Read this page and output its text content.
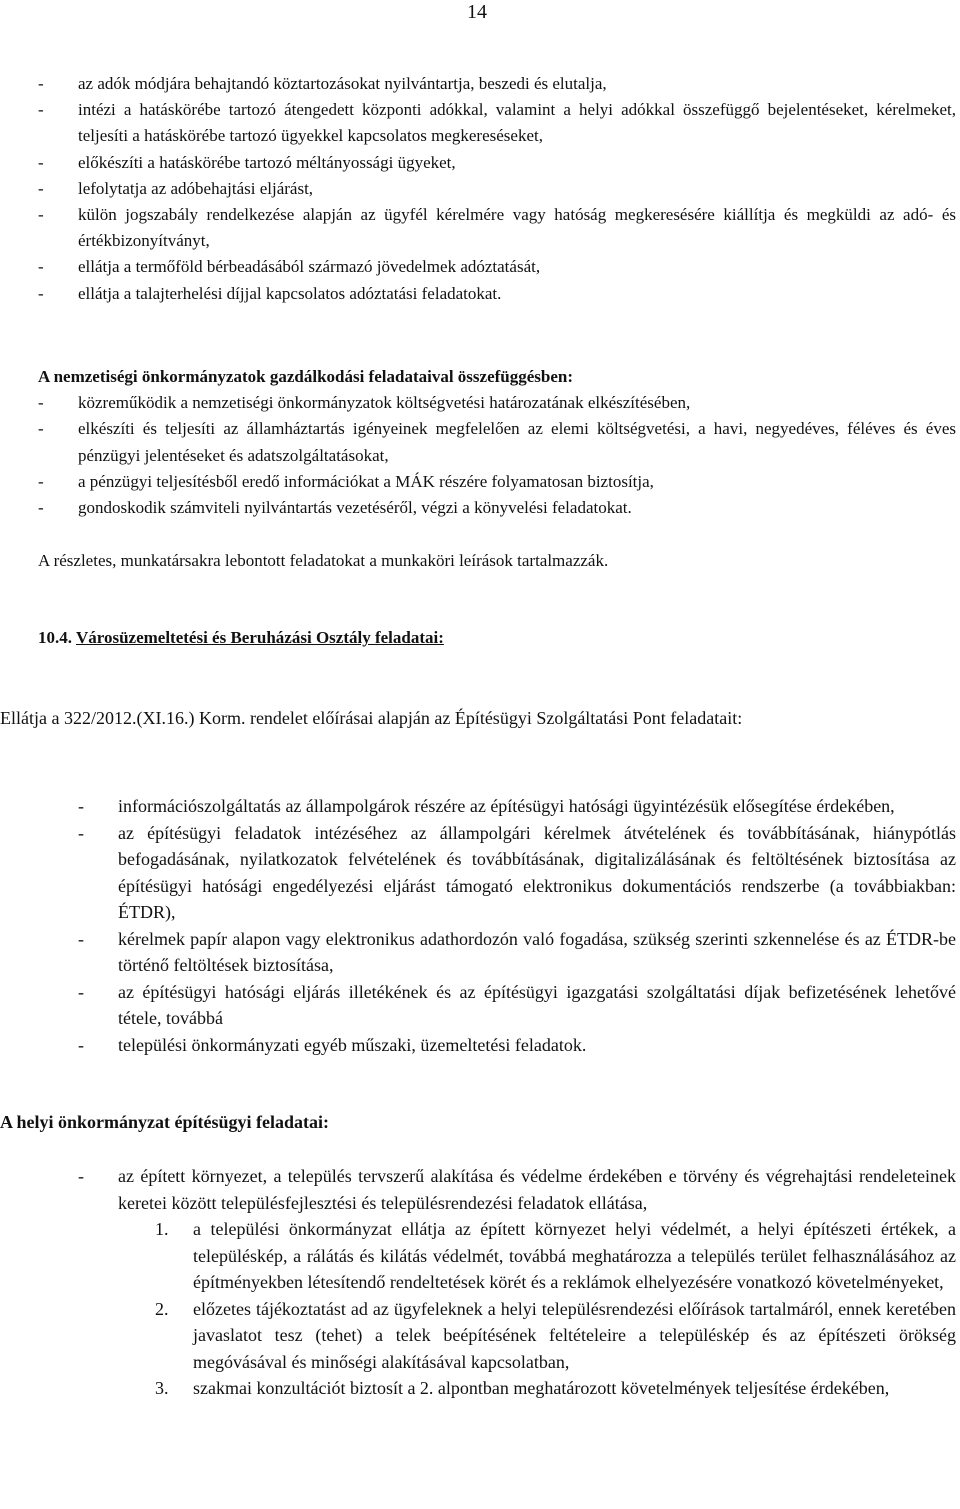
14
-	az adók módjára behajtandó köztartozásokat nyilvántartja, beszedi és elutalja,
-	intézi a hatáskörébe tartozó átengedett központi adókkal, valamint a helyi adókkal összefüggő bejelentéseket, kérelmeket, teljesíti a hatáskörébe tartozó ügyekkel kapcsolatos megkereséseket,
-	előkészíti a hatáskörébe tartozó méltányossági ügyeket,
-	lefolytatja az adóbehajtási eljárást,
-	külön jogszabály rendelkezése alapján az ügyfél kérelmére vagy hatóság megkeresésére kiállítja és megküldi az adó- és értékbizonyítványt,
-	ellátja a termőföld bérbeadásából származó jövedelmek adóztatását,
-	ellátja a talajterhelési díjjal kapcsolatos adóztatási feladatokat.
A nemzetiségi önkormányzatok gazdálkodási feladataival összefüggésben:
-	közreműködik a nemzetiségi önkormányzatok költségvetési határozatának elkészítésében,
-	elkészíti és teljesíti az államháztartás igényeinek megfelelően az elemi költségvetési, a havi, negyedéves, féléves és éves pénzügyi jelentéseket és adatszolgáltatásokat,
-	a pénzügyi teljesítésből eredő információkat a MÁK részére folyamatosan biztosítja,
-	gondoskodik számviteli nyilvántartás vezetéséről, végzi a könyvelési feladatokat.
A részletes, munkatársakra lebontott feladatokat a munkaköri leírások tartalmazzák.
10.4. Városüzemeltetési és Beruházási Osztály feladatai:
Ellátja a 322/2012.(XI.16.) Korm. rendelet előírásai alapján az Építésügyi Szolgáltatási Pont feladatait:
-	információszolgáltatás az állampolgárok részére az építésügyi hatósági ügyintézésük elősegítése érdekében,
-	az építésügyi feladatok intézéséhez az állampolgári kérelmek átvételének és továbbításának, hiánypótlás befogadásának, nyilatkozatok felvételének és továbbításának, digitalizálásának és feltöltésének biztosítása az építésügyi hatósági engedélyezési eljárást támogató elektronikus dokumentációs rendszerbe (a továbbiakban: ÉTDR),
-	kérelmek papír alapon vagy elektronikus adathordozón való fogadása, szükség szerinti szkennelése és az ÉTDR-be történő feltöltések biztosítása,
-	az építésügyi hatósági eljárás illetékének és az építésügyi igazgatási szolgáltatási díjak befizetésének lehetővé tétele, továbbá
-	települési önkormányzati egyéb műszaki, üzemeltetési feladatok.
A helyi önkormányzat építésügyi feladatai:
-	az épített környezet, a település tervszerű alakítása és védelme érdekében e törvény és végrehajtási rendeleteinek keretei között településfejlesztési és településrendezési feladatok ellátása,
1.	a települési önkormányzat ellátja az épített környezet helyi védelmét, a helyi építészeti értékek, a településkép, a rálátás és kilátás védelmét, továbbá meghatározza a település terület felhasználásához az építményekben létesítendő rendeltetések körét és a reklámok elhelyezésére vonatkozó követelményeket,
2.	előzetes tájékoztatást ad az ügyfeleknek a helyi településrendezési előírások tartalmáról, ennek keretében javaslatot tesz (tehet) a telek beépítésének feltételeire a településkép és az építészeti örökség megóvásával és minőségi alakításával kapcsolatban,
3.	szakmai konzultációt biztosít a 2. alpontban meghatározott követelmények teljesítése érdekében,
